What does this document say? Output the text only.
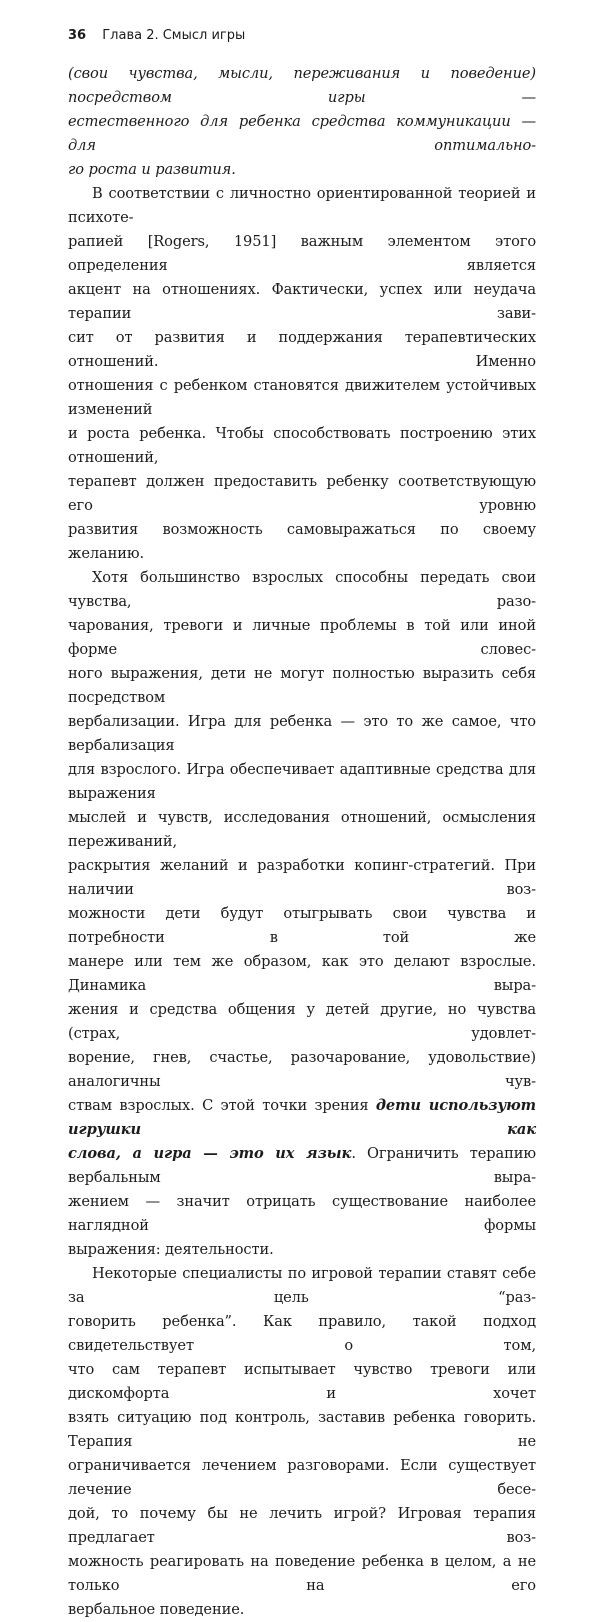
36 Глава 2. Смысл игры

(свои чувства, мысли, переживания и поведение) посредством игры —
естественного для ребенка средства коммуникации — для оптимально-
го роста и развития.

В соответствии с личностно ориентированной теорией и психоте-
рапией [Rogers, 1951] важным элементом этого определения является
акцент на отношениях. Фактически, успех или неудача терапии зави-
сит от развития и поддержания терапевтических отношений. Именно
отношения с ребенком становятся движителем устойчивых изменений
и роста ребенка. Чтобы способствовать построению этих отношений,
терапевт должен предоставить ребенку соответствующую его уровню
развития возможность самовыражаться по своему желанию.

Хотя большинство взрослых способны передать свои чувства, разо-
чарования, тревоги и личные проблемы в той или иной форме словес-
ного выражения, дети не могут полностью выразить себя посредством
вербализации. Игра для ребенка — это то же самое, что вербализация
для взрослого. Игра обеспечивает адаптивные средства для выражения
мыслей и чувств, исследования отношений, осмысления переживаний,
раскрытия желаний и разработки копинг-стратегий. При наличии воз-
можности дети будут отыгрывать свои чувства и потребности в той же
манере или тем же образом, как это делают взрослые. Динамика выра-
жения и средства общения у детей другие, но чувства (страх, удовлет-
ворение, гнев, счастье, разочарование, удовольствие) аналогичны чув-
ствам взрослых. С этой точки зрения дети используют игрушки как
слова, а игра — это их язык. Ограничить терапию вербальным выра-
жением — значит отрицать существование наиболее наглядной формы
выражения: деятельности.

Некоторые специалисты по игровой терапии ставят себе за цель “раз-
говорить ребенка”. Как правило, такой подход свидетельствует о том,
что сам терапевт испытывает чувство тревоги или дискомфорта и хочет
взять ситуацию под контроль, заставив ребенка говорить. Терапия не
ограничивается лечением разговорами. Если существует лечение бесе-
дой, то почему бы не лечить игрой? Игровая терапия предлагает воз-
можность реагировать на поведение ребенка в целом, а не только на его
вербальное поведение.
